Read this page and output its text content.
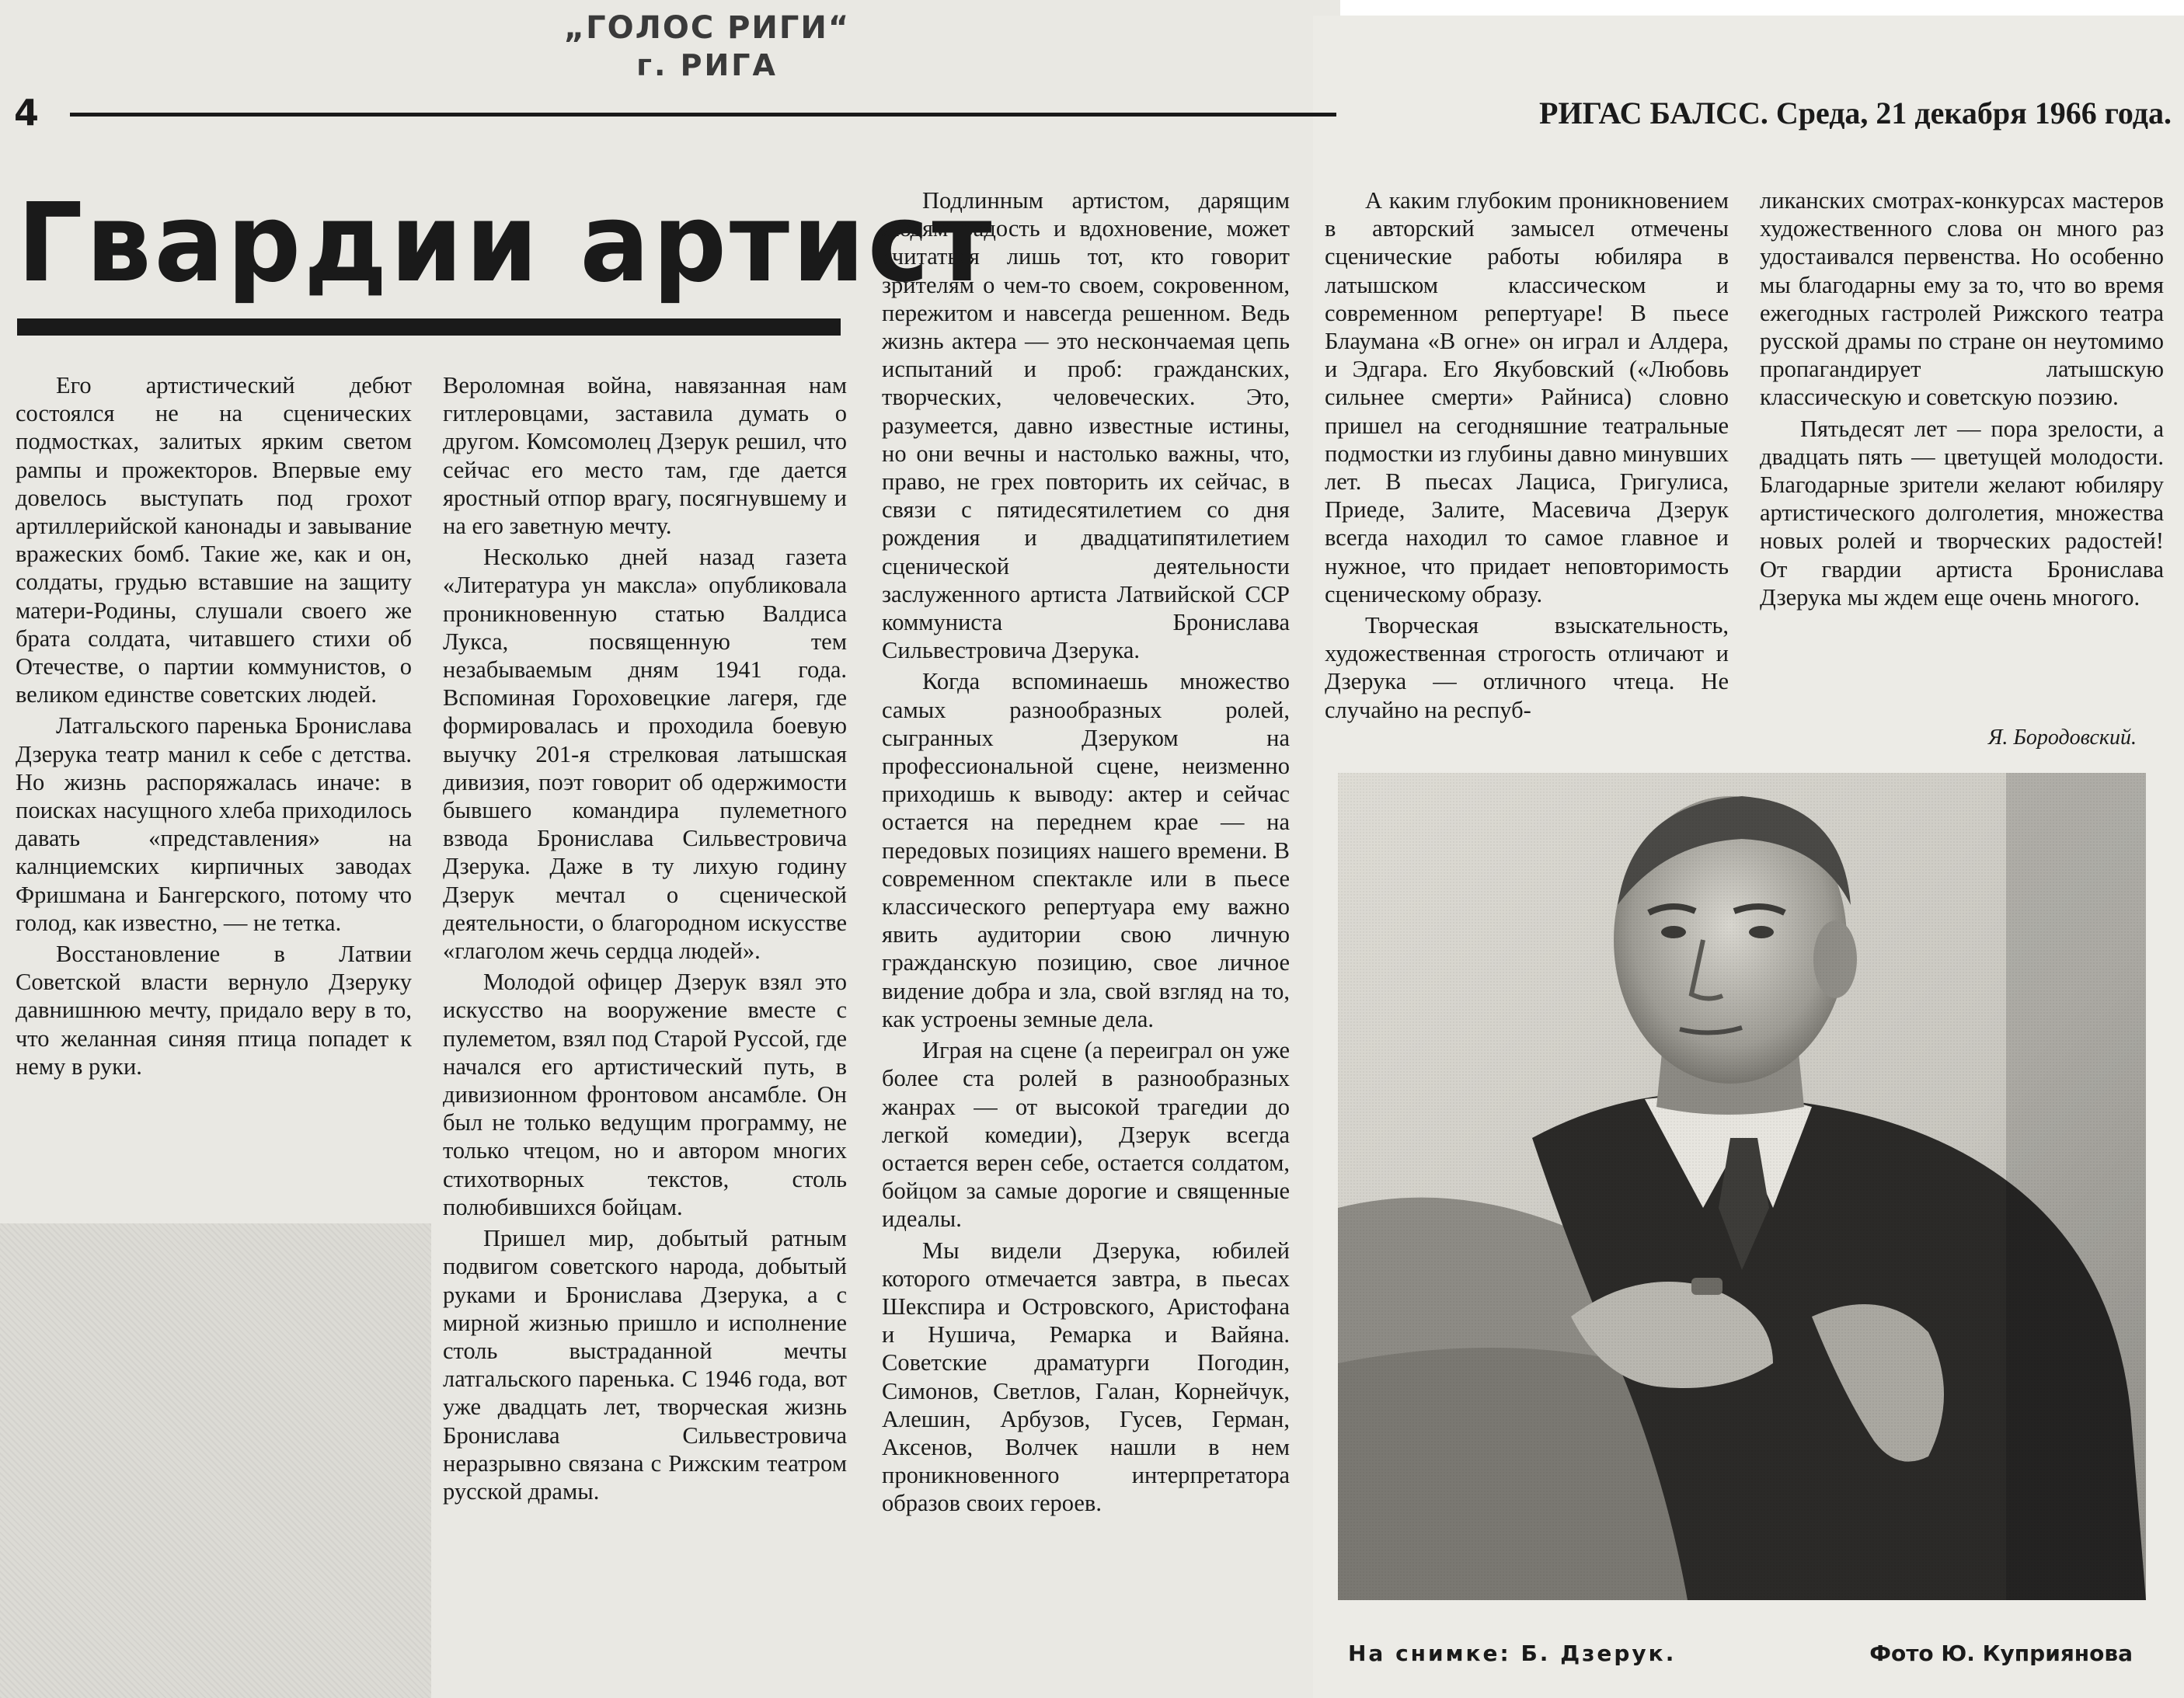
„ГОЛОС РИГИ“
г. РИГА
4	РИГАС БАЛСС. Среда, 21 декабря 1966 года.
Гвардии артист

Его артистический дебют состоялся не на сценических подмостках, залитых ярким светом рампы и прожекторов. Впервые ему довелось выступать под грохот артиллерийской канонады и завывание вражеских бомб. Такие же, как и он, солдаты, грудью вставшие на защиту матери-Родины, слушали своего же брата солдата, читавшего стихи об Отечестве, о партии коммунистов, о великом единстве советских людей.

Латгальского паренька Бронислава Дзерука театр манил к себе с детства. Но жизнь распоряжалась иначе: в поисках насущного хлеба приходилось давать «представления» на калнциемских кирпичных заводах Фришмана и Бангерского, потому что голод, как известно, — не тетка.

Восстановление в Латвии Советской власти вернуло Дзеруку давнишнюю мечту, придало веру в то, что желанная синяя птица попадет к нему в руки.

Вероломная война, навязанная нам гитлеровцами, заставила думать о другом. Комсомолец Дзерук решил, что сейчас его место там, где дается яростный отпор врагу, посягнувшему и на его заветную мечту.

Несколько дней назад газета «Литература ун максла» опубликовала проникновенную статью Валдиса Лукса, посвященную тем незабываемым дням 1941 года. Вспоминая Гороховецкие лагеря, где формировалась и проходила боевую выучку 201-я стрелковая латышская дивизия, поэт говорит об одержимости бывшего командира пулеметного взвода Бронислава Сильвестровича Дзерука. Даже в ту лихую годину Дзерук мечтал о сценической деятельности, о благородном искусстве «глаголом жечь сердца людей».

Молодой офицер Дзерук взял это искусство на вооружение вместе с пулеметом, взял под Старой Руссой, где начался его артистический путь, в дивизионном фронтовом ансамбле. Он был не только ведущим программу, не только чтецом, но и автором многих стихотворных текстов, столь полюбившихся бойцам.

Пришел мир, добытый ратным подвигом советского народа, добытый руками и Бронислава Дзерука, а с мирной жизнью пришло и исполнение столь выстраданной мечты латгальского паренька. С 1946 года, вот уже двадцать лет, творческая жизнь Бронислава Сильвестровича неразрывно связана с Рижским театром русской драмы.

Подлинным артистом, дарящим людям радость и вдохновение, может считаться лишь тот, кто говорит зрителям о чем-то своем, сокровенном, пережитом и навсегда решенном. Ведь жизнь актера — это нескончаемая цепь испытаний и проб: гражданских, творческих, человеческих. Это, разумеется, давно известные истины, но они вечны и настолько важны, что, право, не грех повторить их сейчас, в связи с пятидесятилетием со дня рождения и двадцатипятилетием сценической деятельности заслуженного артиста Латвийской ССР коммуниста Бронислава Сильвестровича Дзерука.

Когда вспоминаешь множество самых разнообразных ролей, сыгранных Дзеруком на профессиональной сцене, неизменно приходишь к выводу: актер и сейчас остается на переднем крае — на передовых позициях нашего времени. В современном спектакле или в пьесе классического репертуара ему важно явить аудитории свою личную гражданскую позицию, свое личное видение добра и зла, свой взгляд на то, как устроены земные дела.

Играя на сцене (а переиграл он уже более ста ролей в разнообразных жанрах — от высокой трагедии до легкой комедии), Дзерук всегда остается верен себе, остается солдатом, бойцом за самые дорогие и священные идеалы.

Мы видели Дзерука, юбилей которого отмечается завтра, в пьесах Шекспира и Островского, Аристофана и Нушича, Ремарка и Вайяна. Советские драматурги Погодин, Симонов, Светлов, Галан, Корнейчук, Алешин, Арбузов, Гусев, Герман, Аксенов, Волчек нашли в нем проникновенного интерпретатора образов своих героев.

А каким глубоким проникновением в авторский замысел отмечены сценические работы юбиляра в латышском классическом и современном репертуаре! В пьесе Блаумана «В огне» он играл и Алдера, и Эдгара. Его Якубовский («Любовь сильнее смерти» Райниса) словно пришел на сегодняшние театральные подмостки из глубины давно минувших лет. В пьесах Лациса, Григулиса, Приеде, Залите, Масевича Дзерук всегда находил то самое главное и нужное, что придает неповторимость сценическому образу.

Творческая взыскательность, художественная строгость отличают и Дзерука — отличного чтеца. Не случайно на респуб-

ликанских смотрах-конкурсах мастеров художественного слова он много раз удостаивался первенства. Но особенно мы благодарны ему за то, что во время ежегодных гастролей Рижского театра русской драмы по стране он неутомимо пропагандирует латышскую классическую и советскую поэзию.

Пятьдесят лет — пора зрелости, а двадцать пять — цветущей молодости. Благодарные зрители желают юбиляру артистического долголетия, множества новых ролей и творческих радостей! От гвардии артиста Бронислава Дзерука мы ждем еще очень многого.

Я. Бородовский.
На снимке: Б. Дзерук.	Фото Ю. Куприянова
